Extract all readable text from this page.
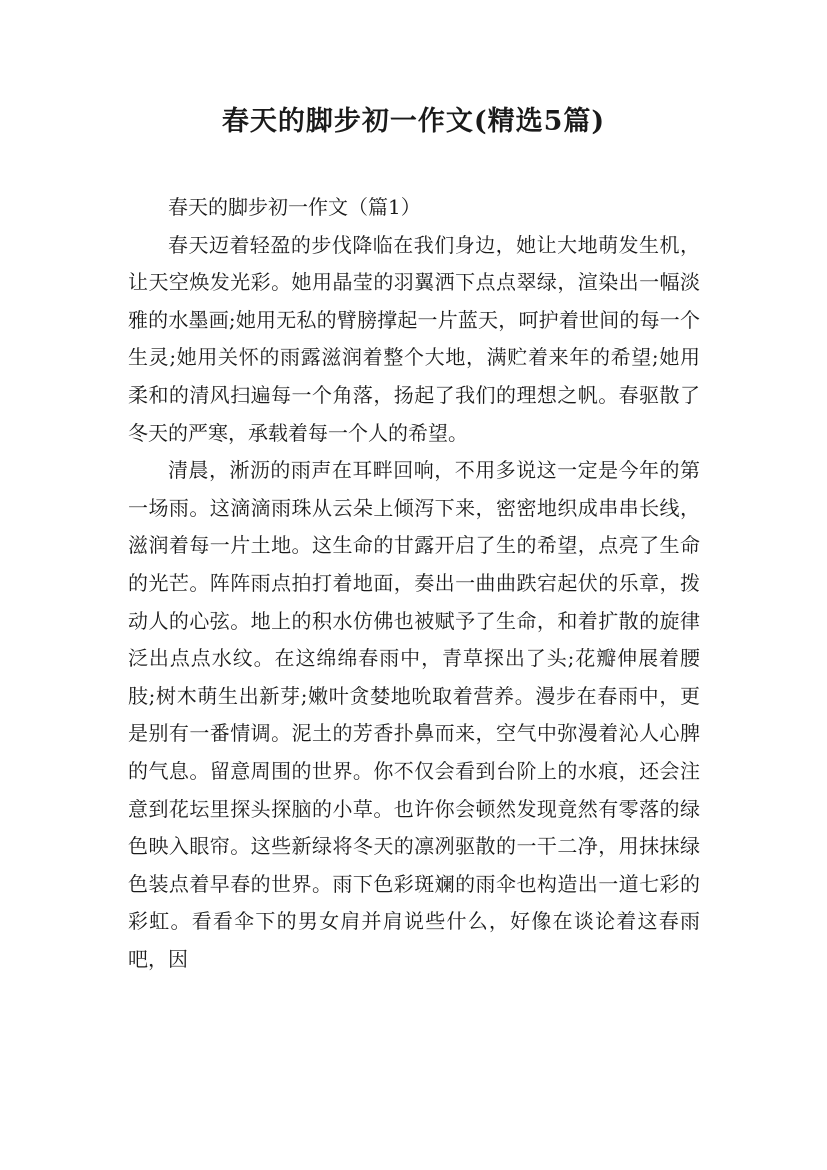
春天的脚步初一作文(精选5篇)

春天的脚步初一作文（篇1）

春天迈着轻盈的步伐降临在我们身边，她让大地萌发生机，让天空焕发光彩。她用晶莹的羽翼洒下点点翠绿，渲染出一幅淡雅的水墨画;她用无私的臂膀撑起一片蓝天，呵护着世间的每一个生灵;她用关怀的雨露滋润着整个大地，满贮着来年的希望;她用柔和的清风扫遍每一个角落，扬起了我们的理想之帆。春驱散了冬天的严寒，承载着每一个人的希望。

清晨，淅沥的雨声在耳畔回响，不用多说这一定是今年的第一场雨。这滴滴雨珠从云朵上倾泻下来，密密地织成串串长线，滋润着每一片土地。这生命的甘露开启了生的希望，点亮了生命的光芒。阵阵雨点拍打着地面，奏出一曲曲跌宕起伏的乐章，拨动人的心弦。地上的积水仿佛也被赋予了生命，和着扩散的旋律泛出点点水纹。在这绵绵春雨中，青草探出了头;花瓣伸展着腰肢;树木萌生出新芽;嫩叶贪婪地吮取着营养。漫步在春雨中，更是别有一番情调。泥土的芳香扑鼻而来，空气中弥漫着沁人心脾的气息。留意周围的世界。你不仅会看到台阶上的水痕，还会注意到花坛里探头探脑的小草。也许你会顿然发现竟然有零落的绿色映入眼帘。这些新绿将冬天的凛冽驱散的一干二净，用抹抹绿色装点着早春的世界。雨下色彩斑斓的雨伞也构造出一道七彩的彩虹。看看伞下的男女肩并肩说些什么，好像在谈论着这春雨吧，因
